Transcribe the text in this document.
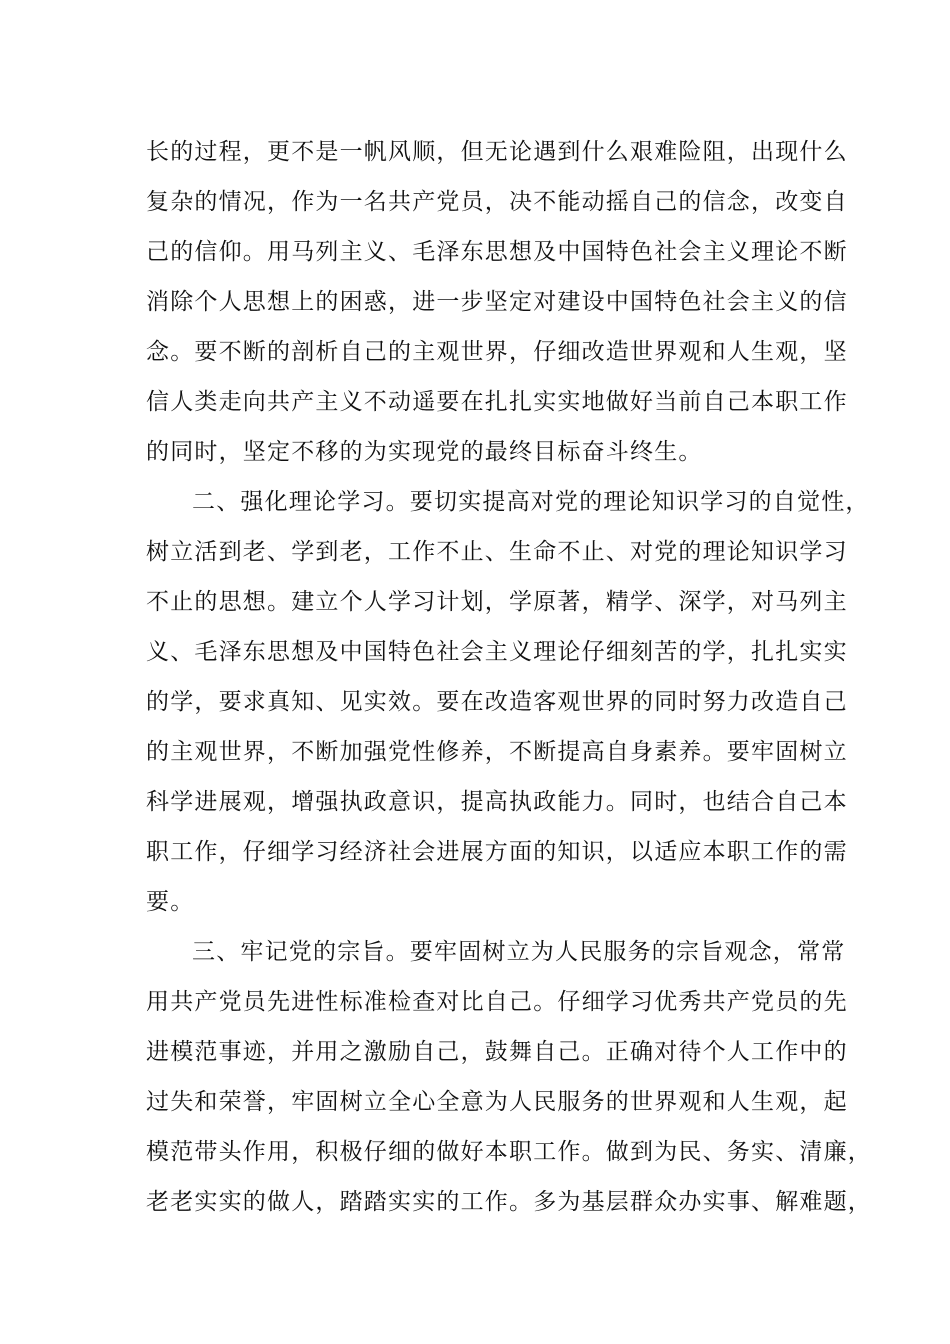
长的过程，更不是一帆风顺，但无论遇到什么艰难险阻，出现什么
复杂的情况，作为一名共产党员，决不能动摇自己的信念，改变自
己的信仰。用马列主义、毛泽东思想及中国特色社会主义理论不断
消除个人思想上的困惑，进一步坚定对建设中国特色社会主义的信
念。要不断的剖析自己的主观世界，仔细改造世界观和人生观，坚
信人类走向共产主义不动遥要在扎扎实实地做好当前自己本职工作
的同时，坚定不移的为实现党的最终目标奋斗终生。
二、强化理论学习。要切实提高对党的理论知识学习的自觉性，
树立活到老、学到老，工作不止、生命不止、对党的理论知识学习
不止的思想。建立个人学习计划，学原著，精学、深学，对马列主
义、毛泽东思想及中国特色社会主义理论仔细刻苦的学，扎扎实实
的学，要求真知、见实效。要在改造客观世界的同时努力改造自己
的主观世界，不断加强党性修养，不断提高自身素养。要牢固树立
科学进展观，增强执政意识，提高执政能力。同时，也结合自己本
职工作，仔细学习经济社会进展方面的知识，以适应本职工作的需
要。
三、牢记党的宗旨。要牢固树立为人民服务的宗旨观念，常常
用共产党员先进性标准检查对比自己。仔细学习优秀共产党员的先
进模范事迹，并用之激励自己，鼓舞自己。正确对待个人工作中的
过失和荣誉，牢固树立全心全意为人民服务的世界观和人生观，起
模范带头作用，积极仔细的做好本职工作。做到为民、务实、清廉，
老老实实的做人，踏踏实实的工作。多为基层群众办实事、解难题，
